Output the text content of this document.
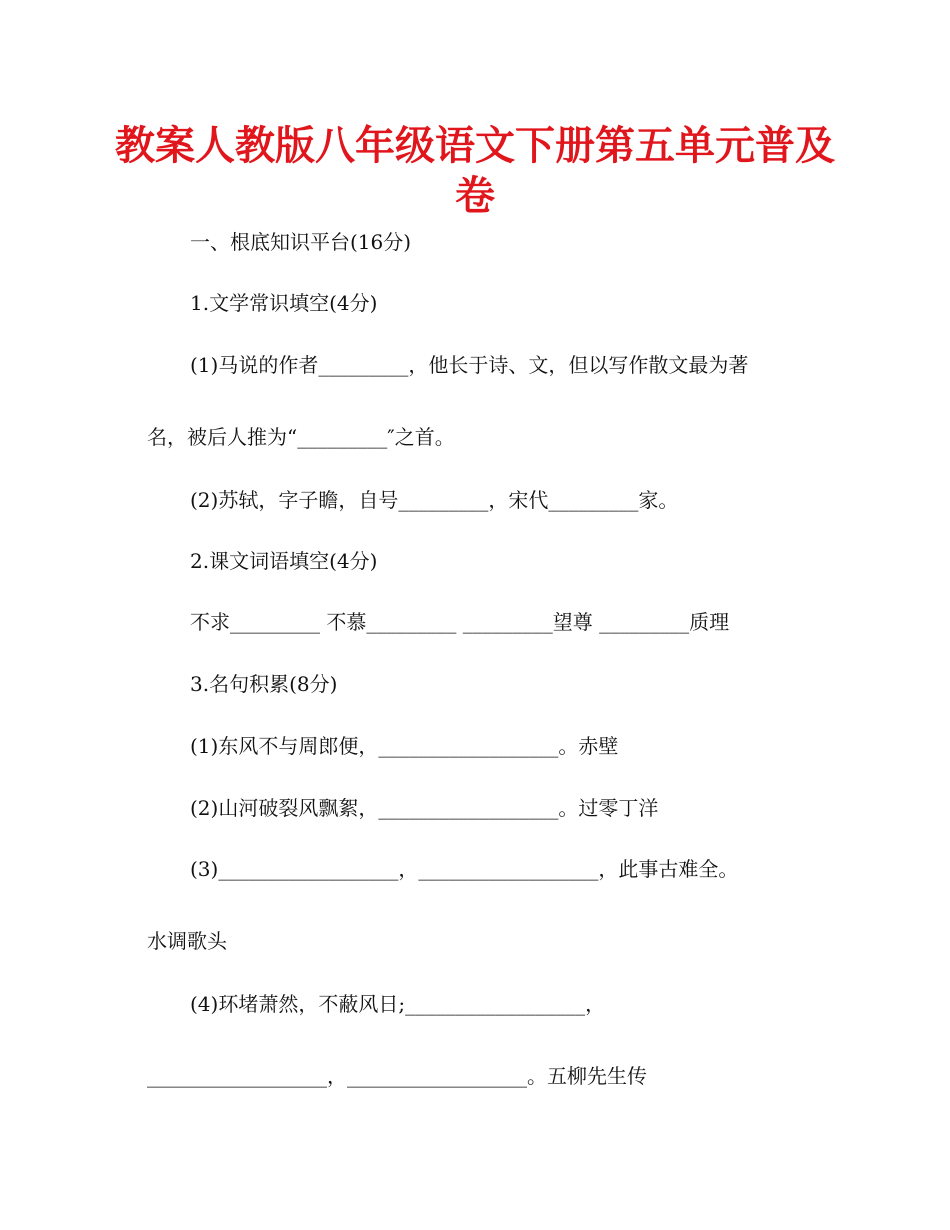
教案人教版八年级语文下册第五单元普及
卷
一、根底知识平台(16分)
1.文学常识填空(4分)
(1)马说的作者_________，他长于诗、文，但以写作散文最为著
名，被后人推为“_________″之首。
(2)苏轼，字子瞻，自号_________，宋代_________家。
2.课文词语填空(4分)
不求_________ 不慕_________ _________望尊 _________质理
3.名句积累(8分)
(1)东风不与周郎便，__________________。赤壁
(2)山河破裂风飘絮，__________________。过零丁洋
(3)__________________，__________________，此事古难全。
水调歌头
(4)环堵萧然，不蔽风日;__________________，
__________________，__________________。五柳先生传
